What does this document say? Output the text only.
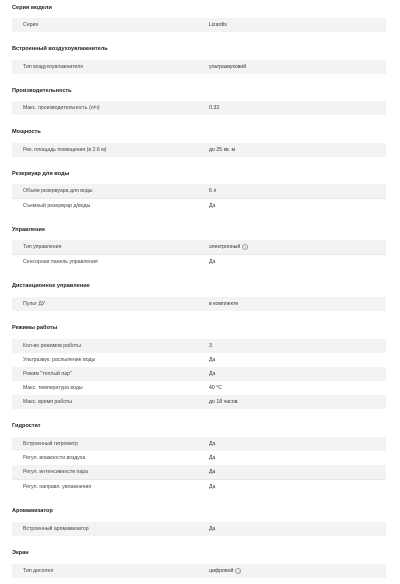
Серия модели
Серия	Lizardis
Встроенный воздухоувлажнитель
Тип воздухоувлажнителя	ультразвуковой
Производительность
Макс. производительность (л/ч)	0.33
Мощность
Рек. площадь помещения (в 2.6 м)	до 25 кв. м
Резервуар для воды
Объем резервуара для воды	6 л
Съемный резервуар д/воды	Да
Управление
Тип управления	электронный ?
Сенсорная панель управления	Да
Дистанционное управление
Пульт ДУ	в комплекте
Режимы работы
Кол-во режимов работы	3
Ультразвук. распыление воды	Да
Режим "теплый пар"	Да
Макс. температура воды	40 °C
Макс. время работы	до 18 часов
Гидростат
Встроенный гигрометр	Да
Регул. влажности воздуха	Да
Регул. интенсивности пара	Да
Регул. направл. увлажнения	Да
Аромамизатор
Встроенный аромамизатор	Да
Экран
Тип дисплея	цифровой ?
